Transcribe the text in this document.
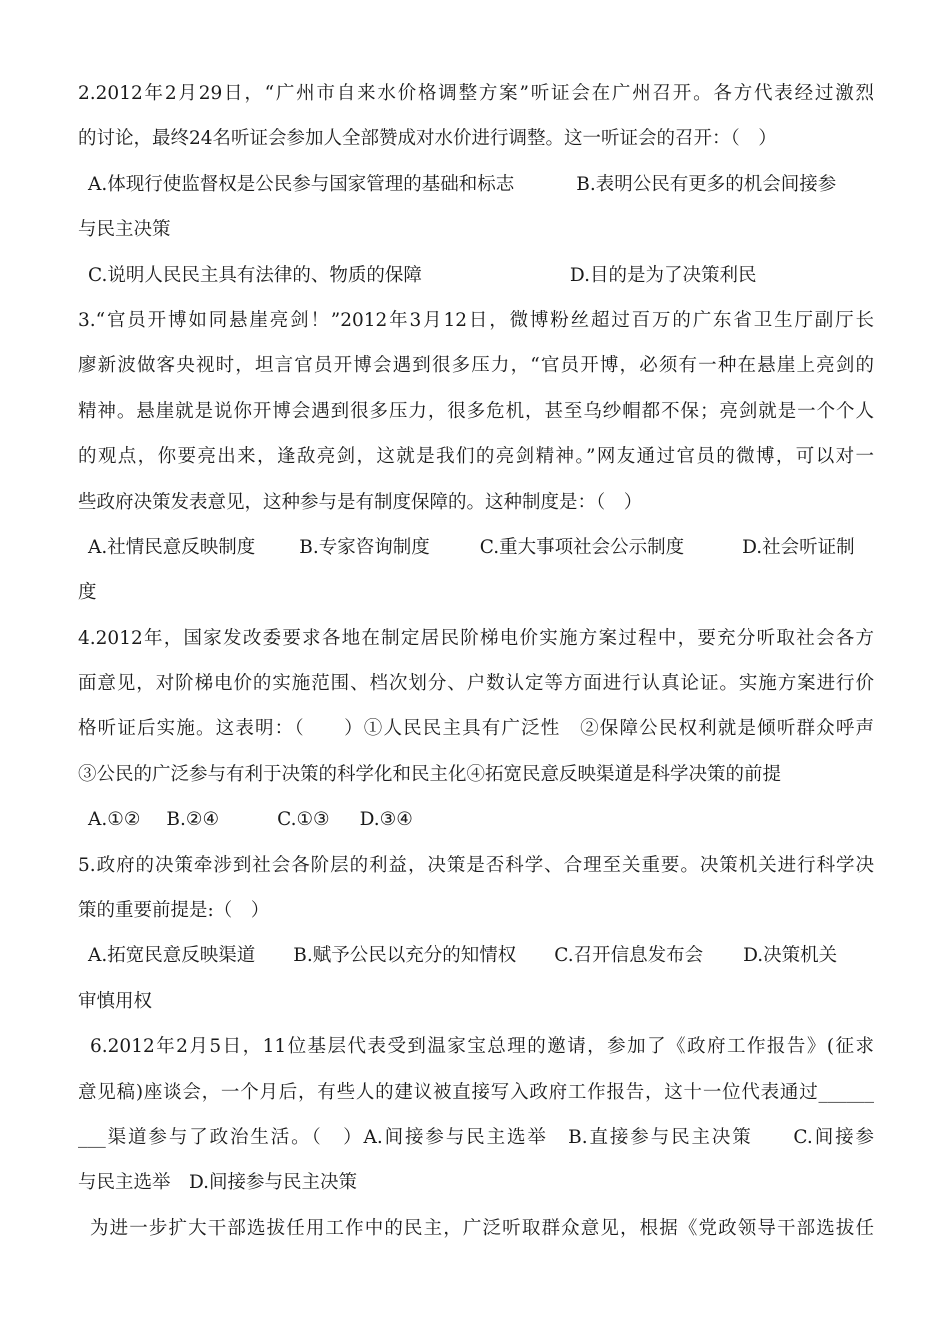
2.2012年2月29日，“广州市自来水价格调整方案”听证会在广州召开。各方代表经过激烈
的讨论，最终24名听证会参加人全部赞成对水价进行调整。这一听证会的召开：（　）
A.体现行使监督权是公民参与国家管理的基础和标志	B.表明公民有更多的机会间接参
与民主决策
C.说明人民民主具有法律的、物质的保障	D.目的是为了决策利民
3.“官员开博如同悬崖亮剑！”2012年3月12日，微博粉丝超过百万的广东省卫生厅副厅长
廖新波做客央视时，坦言官员开博会遇到很多压力，“官员开博，必须有一种在悬崖上亮剑的
精神。悬崖就是说你开博会遇到很多压力，很多危机，甚至乌纱帽都不保；亮剑就是一个个人
的观点，你要亮出来，逢敌亮剑，这就是我们的亮剑精神。”网友通过官员的微博，可以对一
些政府决策发表意见，这种参与是有制度保障的。这种制度是：（　）
A.社情民意反映制度 B.专家咨询制度	C.重大事项社会公示制度	D.社会听证制
度
4.2012年，国家发改委要求各地在制定居民阶梯电价实施方案过程中，要充分听取社会各方
面意见，对阶梯电价的实施范围、档次划分、户数认定等方面进行认真论证。实施方案进行价
格听证后实施。这表明：（　　）①人民民主具有广泛性　②保障公民权利就是倾听群众呼声
③公民的广泛参与有利于决策的科学化和民主化④拓宽民意反映渠道是科学决策的前提
A.①② B.②④	C.①③ D.③④
5.政府的决策牵涉到社会各阶层的利益，决策是否科学、合理至关重要。决策机关进行科学决
策的重要前提是:（　）
A.拓宽民意反映渠道 B.赋予公民以充分的知情权 C.召开信息发布会 D.决策机关
审慎用权
6.2012年2月5日，11位基层代表受到温家宝总理的邀请，参加了《政府工作报告》(征求
意见稿)座谈会，一个月后，有些人的建议被直接写入政府工作报告，这十一位代表通过______
___渠道参与了政治生活。（　）A.间接参与民主选举　B.直接参与民主决策　　C.间接参
与民主选举　D.间接参与民主决策
为进一步扩大干部选拔任用工作中的民主，广泛听取群众意见，根据《党政领导干部选拔任
